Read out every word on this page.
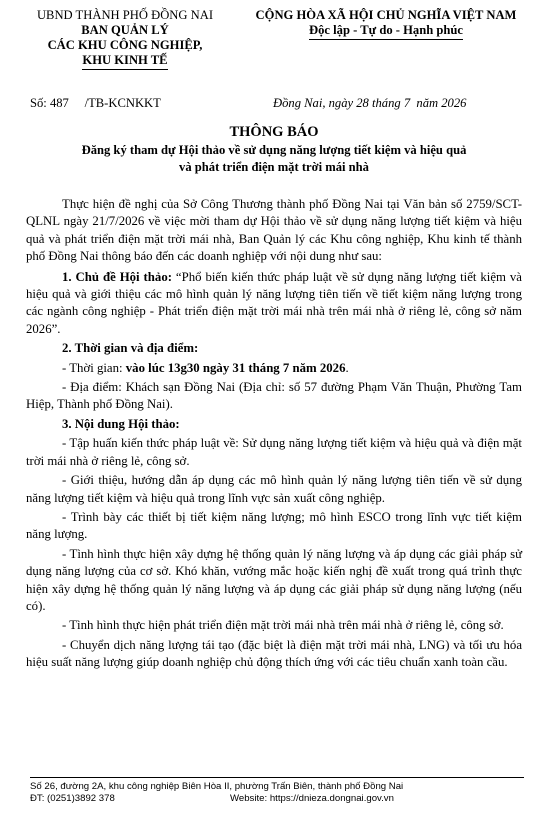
UBND THÀNH PHỐ ĐỒNG NAI
BAN QUẢN LÝ
CÁC KHU CÔNG NGHIỆP,
KHU KINH TẾ
CỘNG HÒA XÃ HỘI CHỦ NGHĨA VIỆT NAM
Độc lập - Tự do - Hạnh phúc
Số: 487     /TB-KCNKKT	Đồng Nai, ngày 28 tháng 7  năm 2026
THÔNG BÁO
Đăng ký tham dự Hội thảo về sử dụng năng lượng tiết kiệm và hiệu quả
và phát triển điện mặt trời mái nhà

Thực hiện đề nghị của Sở Công Thương thành phố Đồng Nai tại Văn bản số 2759/SCT-QLNL ngày 21/7/2026 về việc mời tham dự Hội thảo về sử dụng năng lượng tiết kiệm và hiệu quả và phát triển điện mặt trời mái nhà, Ban Quản lý các Khu công nghiệp, Khu kinh tế thành phố Đồng Nai thông báo đến các doanh nghiệp với nội dung như sau:

1. Chủ đề Hội thảo: “Phổ biến kiến thức pháp luật về sử dụng năng lượng tiết kiệm và hiệu quả và giới thiệu các mô hình quản lý năng lượng tiên tiến về tiết kiệm năng lượng trong các ngành công nghiệp - Phát triển điện mặt trời mái nhà trên mái nhà ở riêng lẻ, công sở năm 2026”.

2. Thời gian và địa điểm:

- Thời gian: vào lúc 13g30 ngày 31 tháng 7 năm 2026.

- Địa điểm: Khách sạn Đồng Nai (Địa chỉ: số 57 đường Phạm Văn Thuận, Phường Tam Hiệp, Thành phố Đồng Nai).

3. Nội dung Hội thảo:

- Tập huấn kiến thức pháp luật về: Sử dụng năng lượng tiết kiệm và hiệu quả và điện mặt trời mái nhà ở riêng lẻ, công sở.

- Giới thiệu, hướng dẫn áp dụng các mô hình quản lý năng lượng tiên tiến về sử dụng năng lượng tiết kiệm và hiệu quả trong lĩnh vực sản xuất công nghiệp.

- Trình bày các thiết bị tiết kiệm năng lượng; mô hình ESCO trong lĩnh vực tiết kiệm năng lượng.

- Tình hình thực hiện xây dựng hệ thống quản lý năng lượng và áp dụng các giải pháp sử dụng năng lượng của cơ sở. Khó khăn, vướng mắc hoặc kiến nghị đề xuất trong quá trình thực hiện xây dựng hệ thống quản lý năng lượng và áp dụng các giải pháp sử dụng năng lượng (nếu có).

- Tình hình thực hiện phát triển điện mặt trời mái nhà trên mái nhà ở riêng lẻ, công sở.

- Chuyển dịch năng lượng tái tạo (đặc biệt là điện mặt trời mái nhà, LNG) và tối ưu hóa hiệu suất năng lượng giúp doanh nghiệp chủ động thích ứng với các tiêu chuẩn xanh toàn cầu.

Số 26, đường 2A, khu công nghiệp Biên Hòa II, phường Trấn Biên, thành phố Đồng Nai
ĐT: (0251)3892 378	Website: https://dnieza.dongnai.gov.vn
